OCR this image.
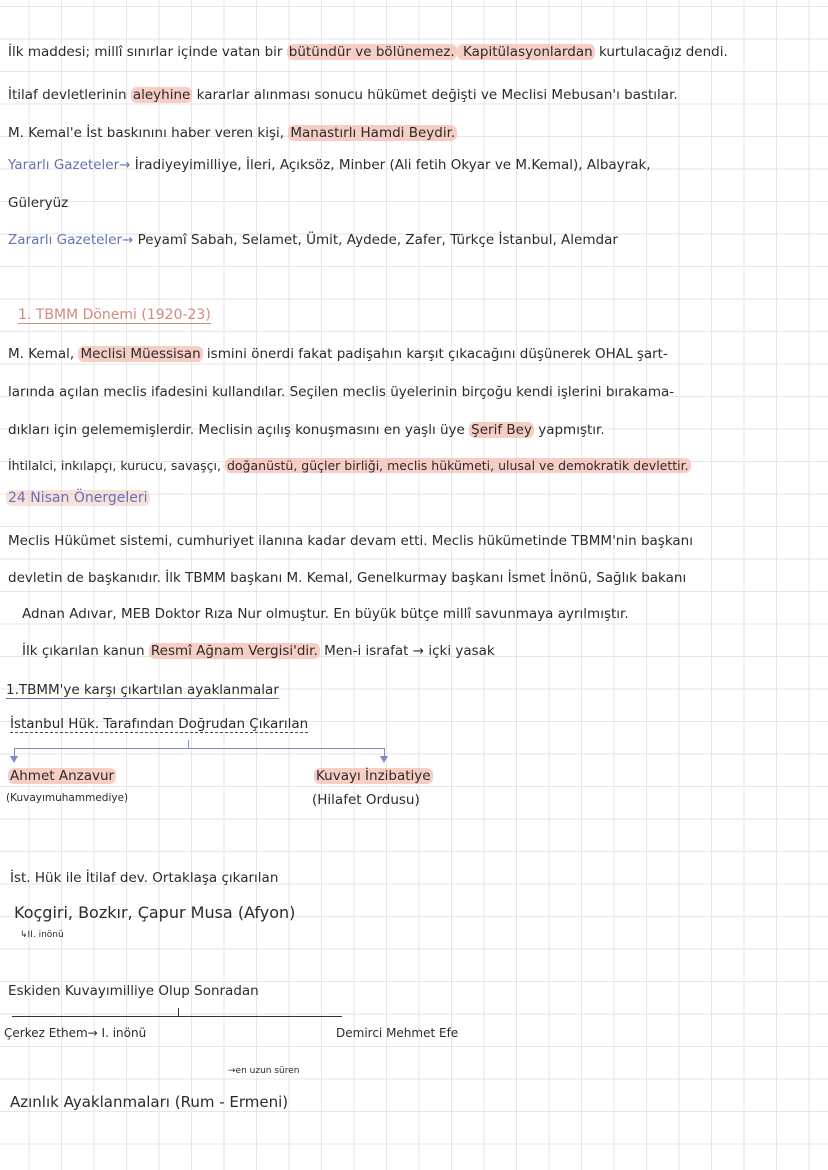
İlk maddesi; millî sınırlar içinde vatan bir bütündür ve bölünemez. Kapitülasyonlardan kurtulacağız dendi.
İtilaf devletlerinin aleyhine kararlar alınması sonucu hükümet değişti ve Meclisi Mebusan'ı bastılar.
M. Kemal'e İst baskınını haber veren kişi, Manastırlı Hamdi Beydir.
Yararlı Gazeteler→ İradiyeyimilliye, İleri, Açıksöz, Minber (Ali fetih Okyar ve M.Kemal), Albayrak,
Güleryüz
Zararlı Gazeteler→ Peyamî Sabah, Selamet, Ümit, Aydede, Zafer, Türkçe İstanbul, Alemdar
1. TBMM Dönemi (1920-23)
M. Kemal, Meclisi Müessisan ismini önerdi fakat padişahın karşıt çıkacağını düşünerek OHAL şart-
larında açılan meclis ifadesini kullandılar. Seçilen meclis üyelerinin birçoğu kendi işlerini bırakama-
dıkları için gelememişlerdir. Meclisin açılış konuşmasını en yaşlı üye Şerif Bey yapmıştır.
İhtilalci, inkılapçı, kurucu, savaşçı, doğanüstü, güçler birliği, meclis hükümeti, ulusal ve demokratik devlettir.
24 Nisan Önergeleri
Meclis Hükümet sistemi, cumhuriyet ilanına kadar devam etti. Meclis hükümetinde TBMM'nin başkanı
devletin de başkanıdır. İlk TBMM başkanı M. Kemal, Genelkurmay başkanı İsmet İnönü, Sağlık bakanı
Adnan Adıvar, MEB Doktor Rıza Nur olmuştur. En büyük bütçe millî savunmaya ayrılmıştır.
İlk çıkarılan kanun Resmî Ağnam Vergisi'dir. Men-i israfat → içki yasak
1.TBMM'ye karşı çıkartılan ayaklanmalar
İstanbul Hük. Tarafından Doğrudan Çıkarılan
Ahmet Anzavur
(Kuvayımuhammediye)
Kuvayı İnzibatiye
(Hilafet Ordusu)
İst. Hük ile İtilaf dev. Ortaklaşa çıkarılan
Koçgiri, Bozkır, Çapur Musa (Afyon)
↳II. inönü
Eskiden Kuvayımilliye Olup Sonradan
Çerkez Ethem→ I. inönü	Demirci Mehmet Efe
→en uzun süren
Azınlık Ayaklanmaları (Rum - Ermeni)
